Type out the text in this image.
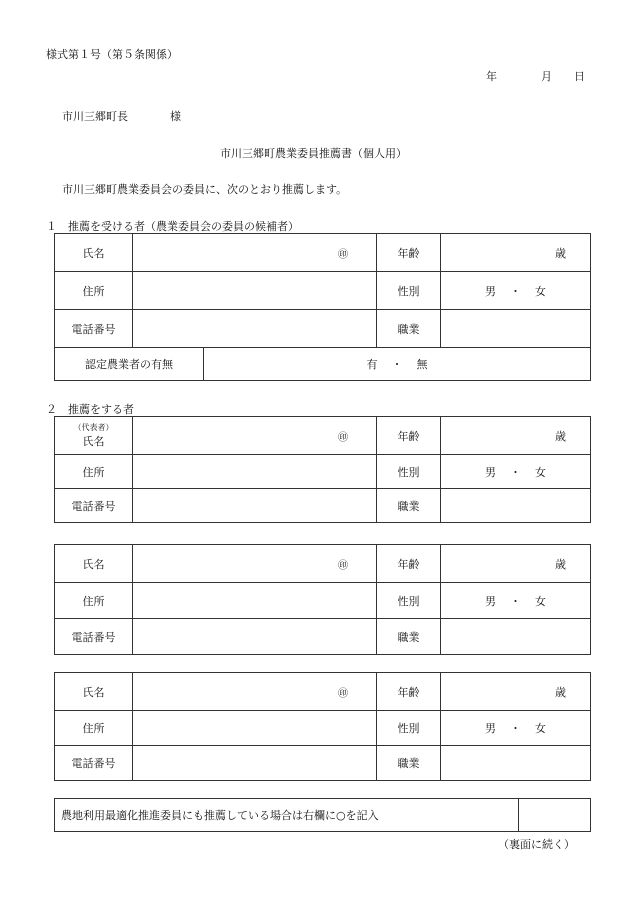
様式第１号（第５条関係）
年	月 日
市川三郷町長	様
市川三郷町農業委員推薦書（個人用）
市川三郷町農業委員会の委員に、次のとおり推薦します。
１　推薦を受ける者（農業委員会の委員の候補者）
氏名	㊞		年齢	歳
住所			性別	男 ・ 女
電話番号			職業	
認定農業者の有無		有 ・ 無		
２　推薦をする者
（代表者）
氏名	㊞	年齢	歳
住所		性別	男 ・ 女
電話番号		職業	
氏名	㊞	年齢	歳
住所		性別	男 ・ 女
電話番号		職業	
氏名	㊞	年齢	歳
住所		性別	男 ・ 女
電話番号		職業	
農地利用最適化推進委員にも推薦している場合は右欄に○を記入	
（裏面に続く）
